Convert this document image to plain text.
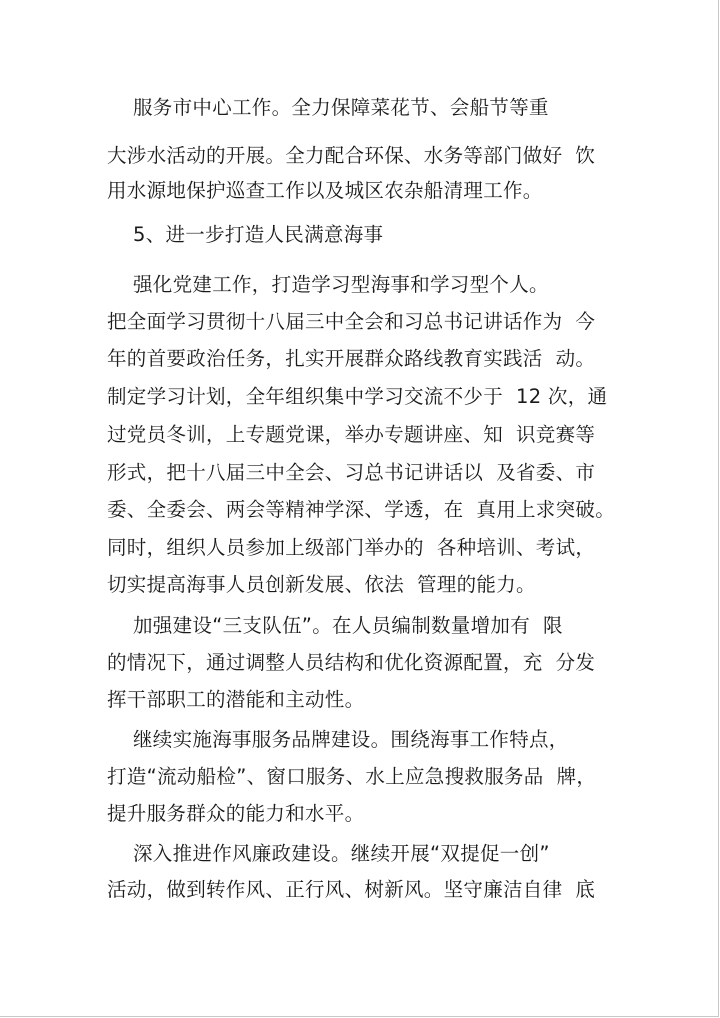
服务市中心工作。全力保障菜花节、会船节等重
大涉水活动的开展。全力配合环保、水务等部门做好  饮
用水源地保护巡查工作以及城区农杂船清理工作。
5、进一步打造人民满意海事
强化党建工作，打造学习型海事和学习型个人。
把全面学习贯彻十八届三中全会和习总书记讲话作为  今
年的首要政治任务，扎实开展群众路线教育实践活  动。
制定学习计划，全年组织集中学习交流不少于  12 次，通
过党员冬训，上专题党课，举办专题讲座、知  识竞赛等
形式，把十八届三中全会、习总书记讲话以  及省委、市
委、全委会、两会等精神学深、学透，在  真用上求突破。
同时，组织人员参加上级部门举办的  各种培训、考试，
切实提高海事人员创新发展、依法  管理的能力。
加强建设“三支队伍”。在人员编制数量增加有  限
的情况下，通过调整人员结构和优化资源配置，充  分发
挥干部职工的潜能和主动性。
继续实施海事服务品牌建设。围绕海事工作特点，
打造“流动船检”、窗口服务、水上应急搜救服务品  牌，
提升服务群众的能力和水平。
深入推进作风廉政建设。继续开展“双提促一创”
活动，做到转作风、正行风、树新风。坚守廉洁自律  底
